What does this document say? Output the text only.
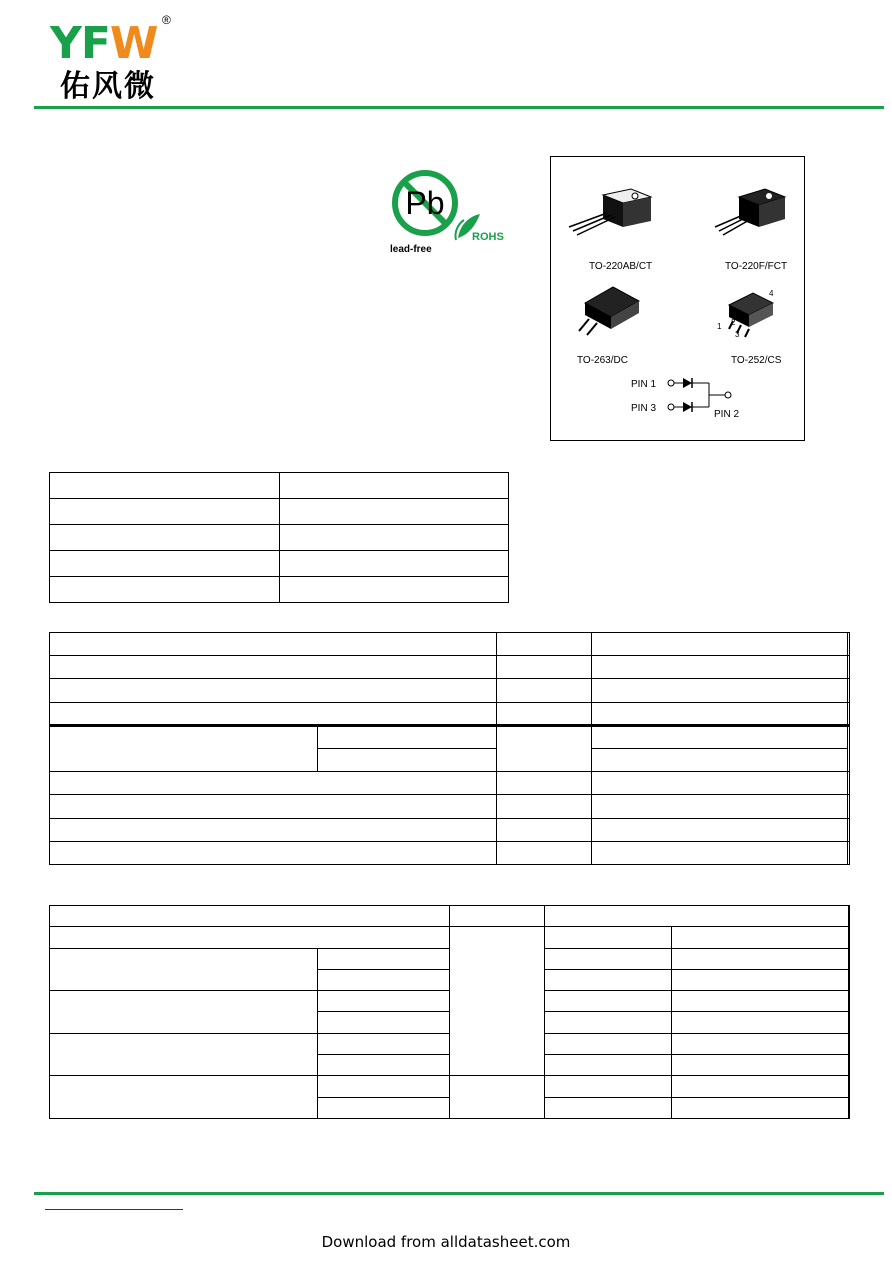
YFW ®
佑风微
Pb
lead-free
ROHS
TO-220AB/CT	TO-220F/FCT
TO-263/DC
4
1 2
3
TO-252/CS
PIN 1
PIN 3
PIN 2

Download from alldatasheet.com
